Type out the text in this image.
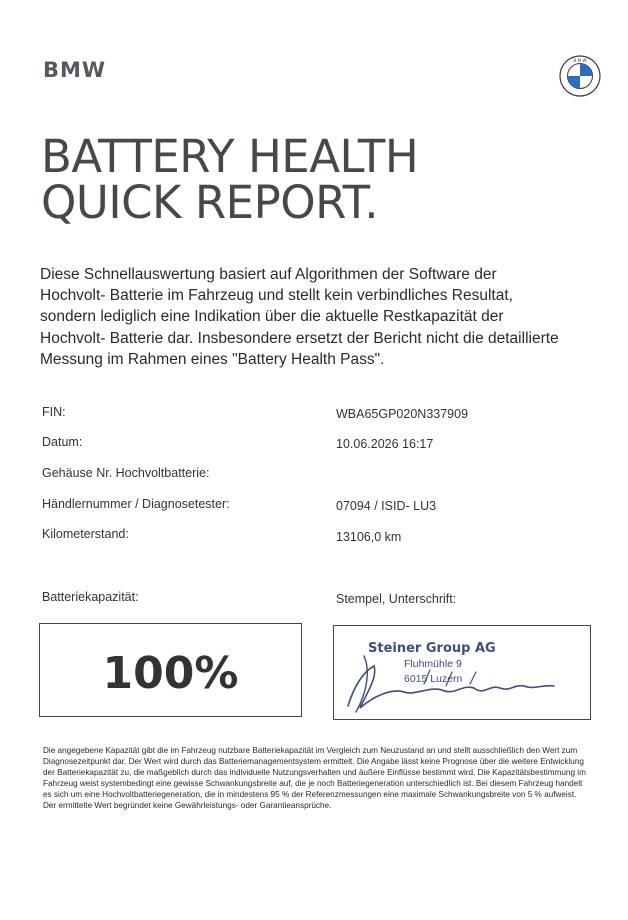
BMW	B M W
BATTERY HEALTH
QUICK REPORT.

Diese Schnellauswertung basiert auf Algorithmen der Software der Hochvolt- Batterie im Fahrzeug und stellt kein verbindliches Resultat, sondern lediglich eine Indikation über die aktuelle Restkapazität der Hochvolt- Batterie dar. Insbesondere ersetzt der Bericht nicht die detaillierte Messung im Rahmen eines "Battery Health Pass".

FIN:	WBA65GP020N337909
Datum:	10.06.2026 16:17
Gehäuse Nr. Hochvoltbatterie:
Händlernummer / Diagnosetester:	07094 / ISID- LU3
Kilometerstand:	13106,0 km
Batteriekapazität:	Stempel, Unterschrift:
100%	Steiner Group AG
Fluhmühle 9
6015 Luzern

Die angegebene Kapazität gibt die im Fahrzeug nutzbare Batteriekapazität im Vergleich zum Neuzustand an und stellt ausschließlich den Wert zum Diagnosezeitpunkt dar. Der Wert wird durch das Batteriemanagementsystem ermittelt. Die Angabe lässt keine Prognose über die weitere Entwicklung der Batteriekapazität zu, die maßgeblich durch das individuelle Nutzungsverhalten und äußere Einflüsse bestimmt wird. Die Kapazitätsbestimmung im Fahrzeug weist systembedingt eine gewisse Schwankungsbreite auf, die je noch Batteriegeneration unterschiedlich ist. Bei diesem Fahrzeug handelt es sich um eine Hochvoltbatteriegeneration, die in mindestens 95 % der Referenzmessungen eine maximale Schwankungsbreite von 5 % aufweist. Der ermittelte Wert begründet keine Gewährleistungs- oder Garantieansprüche.
